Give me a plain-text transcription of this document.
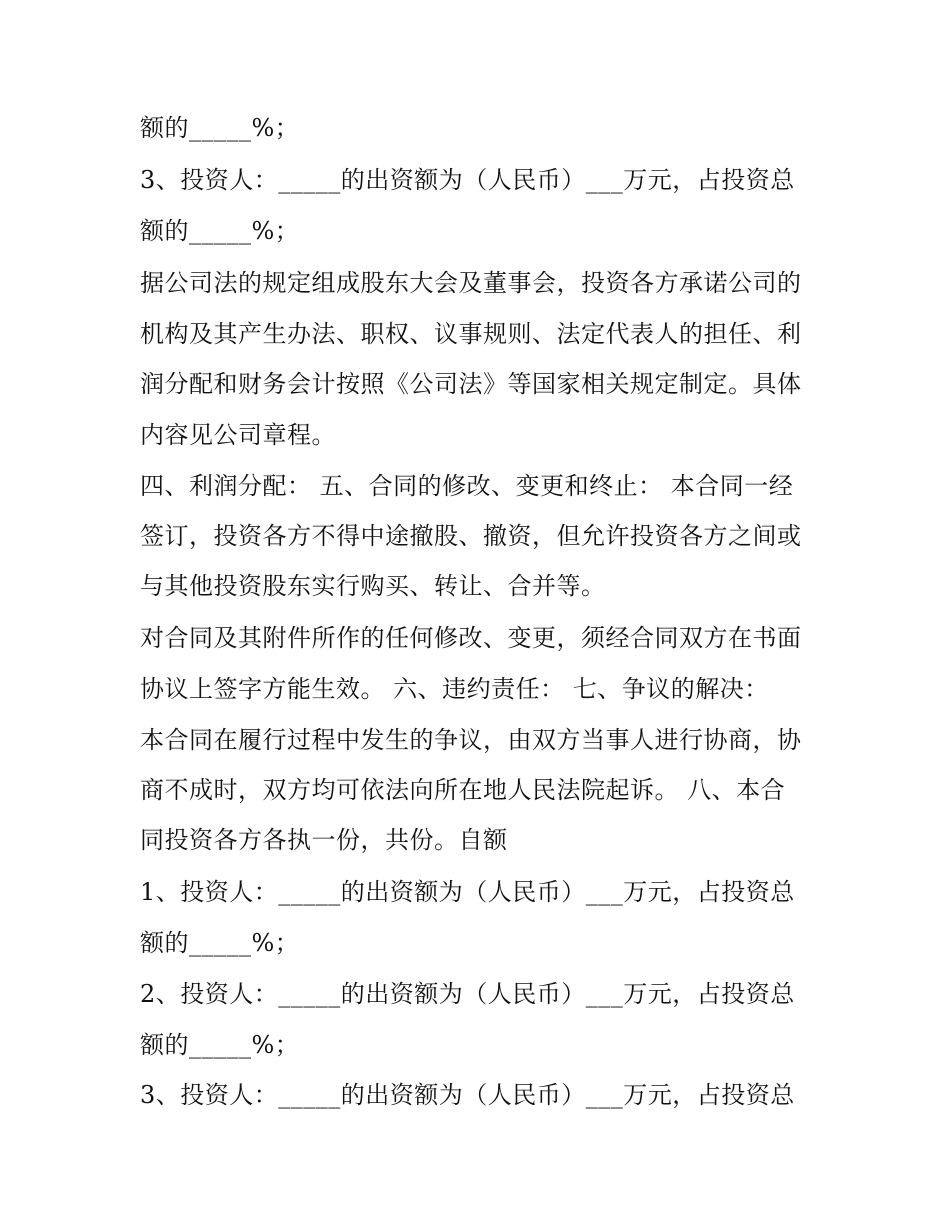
额的_____%；
3、投资人：_____的出资额为（人民币）___万元，占投资总
额的_____%；
据公司法的规定组成股东大会及董事会，投资各方承诺公司的
机构及其产生办法、职权、议事规则、法定代表人的担任、利
润分配和财务会计按照《公司法》等国家相关规定制定。具体
内容见公司章程。
四、利润分配： 五、合同的修改、变更和终止： 本合同一经
签订，投资各方不得中途撤股、撤资，但允许投资各方之间或
与其他投资股东实行购买、转让、合并等。
对合同及其附件所作的任何修改、变更，须经合同双方在书面
协议上签字方能生效。 六、违约责任： 七、争议的解决：
本合同在履行过程中发生的争议，由双方当事人进行协商，协
商不成时，双方均可依法向所在地人民法院起诉。 八、本合
同投资各方各执一份，共份。自额
1、投资人：_____的出资额为（人民币）___万元，占投资总
额的_____%；
2、投资人：_____的出资额为（人民币）___万元，占投资总
额的_____%；
3、投资人：_____的出资额为（人民币）___万元，占投资总
